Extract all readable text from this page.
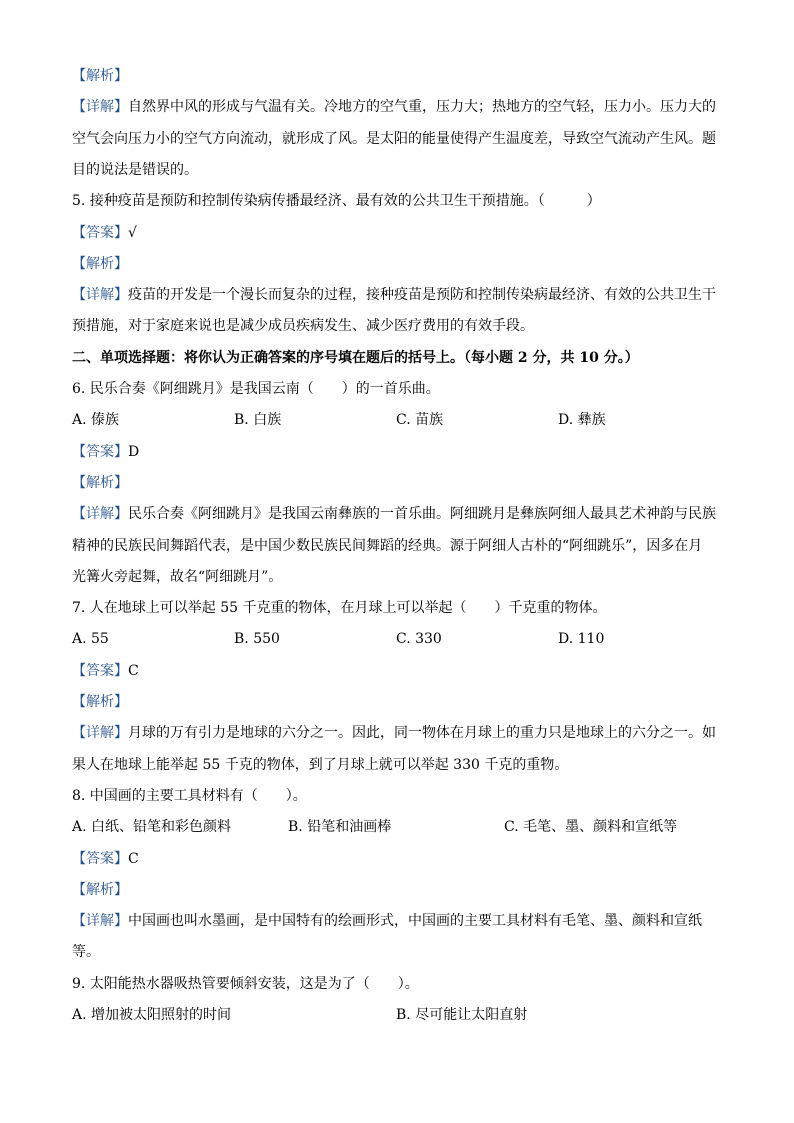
【解析】
【详解】自然界中风的形成与气温有关。冷地方的空气重，压力大；热地方的空气轻，压力小。压力大的
空气会向压力小的空气方向流动，就形成了风。是太阳的能量使得产生温度差，导致空气流动产生风。题
目的说法是错误的。
5. 接种疫苗是预防和控制传染病传播最经济、最有效的公共卫生干预措施。（　　　）
【答案】√
【解析】
【详解】疫苗的开发是一个漫长而复杂的过程，接种疫苗是预防和控制传染病最经济、有效的公共卫生干
预措施，对于家庭来说也是减少成员疾病发生、减少医疗费用的有效手段。
二、单项选择题：将你认为正确答案的序号填在题后的括号上。（每小题 2 分，共 10 分。）
6. 民乐合奏《阿细跳月》是我国云南（　　）的一首乐曲。
A. 傣族	B. 白族	C. 苗族	D. 彝族
【答案】D
【解析】
【详解】民乐合奏《阿细跳月》是我国云南彝族的一首乐曲。阿细跳月是彝族阿细人最具艺术神韵与民族
精神的民族民间舞蹈代表，是中国少数民族民间舞蹈的经典。源于阿细人古朴的“阿细跳乐”，因多在月
光篝火旁起舞，故名“阿细跳月”。
7. 人在地球上可以举起 55 千克重的物体，在月球上可以举起（　　）千克重的物体。
A. 55	B. 550	C. 330	D. 110
【答案】C
【解析】
【详解】月球的万有引力是地球的六分之一。因此，同一物体在月球上的重力只是地球上的六分之一。如
果人在地球上能举起 55 千克的物体，到了月球上就可以举起 330 千克的重物。
8. 中国画的主要工具材料有（　　）。
A. 白纸、铅笔和彩色颜料	B. 铅笔和油画棒	C. 毛笔、墨、颜料和宣纸等
【答案】C
【解析】
【详解】中国画也叫水墨画，是中国特有的绘画形式，中国画的主要工具材料有毛笔、墨、颜料和宣纸
等。
9. 太阳能热水器吸热管要倾斜安装，这是为了（　　）。
A. 增加被太阳照射的时间	B. 尽可能让太阳直射
